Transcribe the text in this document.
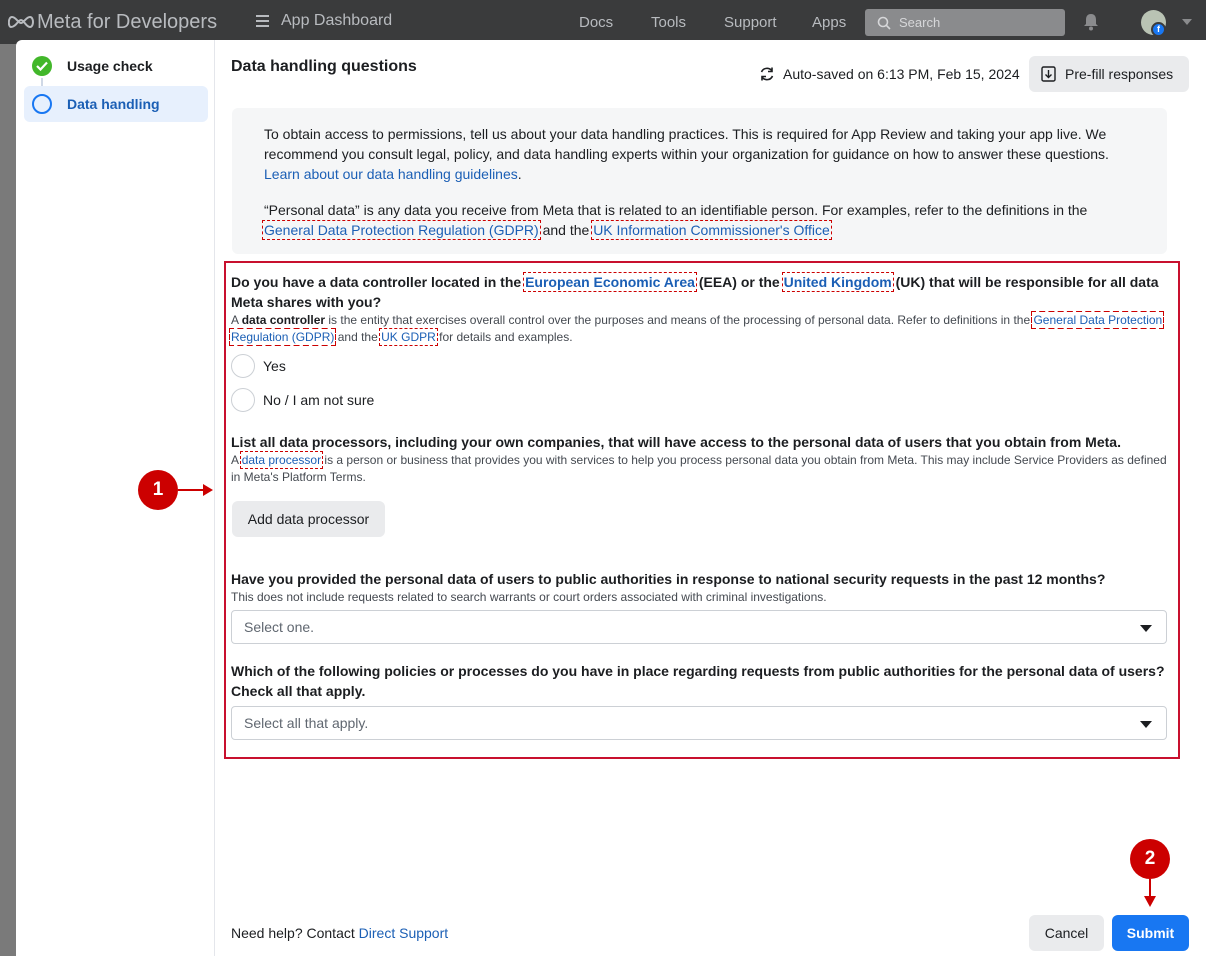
Meta for Developers	App Dashboard	Docs	Tools	Support Apps	Search	f
Usage check
Data handling
Data handling questions	Auto-saved on 6:13 PM, Feb 15, 2024	Pre-fill responses

To obtain access to permissions, tell us about your data handling practices. This is required for App Review and taking your app live. We recommend you consult legal, policy, and data handling experts within your organization for guidance on how to answer these questions. Learn about our data handling guidelines.

“Personal data” is any data you receive from Meta that is related to an identifiable person. For examples, refer to the definitions in the General Data Protection Regulation (GDPR) and the UK Information Commissioner's Office

Do you have a data controller located in the European Economic Area (EEA) or the United Kingdom (UK) that will be responsible for all data Meta shares with you?
A data controller is the entity that exercises overall control over the purposes and means of the processing of personal data. Refer to definitions in the General Data Protection Regulation (GDPR) and the UK GDPR for details and examples.
Yes
No / I am not sure
List all data processors, including your own companies, that will have access to the personal data of users that you obtain from Meta.
A data processor is a person or business that provides you with services to help you process personal data you obtain from Meta. This may include Service Providers as defined in Meta's Platform Terms.
Add data processor
Have you provided the personal data of users to public authorities in response to national security requests in the past 12 months?
This does not include requests related to search warrants or court orders associated with criminal investigations.
Select one.
Which of the following policies or processes do you have in place regarding requests from public authorities for the personal data of users? Check all that apply.
Select all that apply.
Need help? Contact Direct Support	Cancel	Submit
1
2
